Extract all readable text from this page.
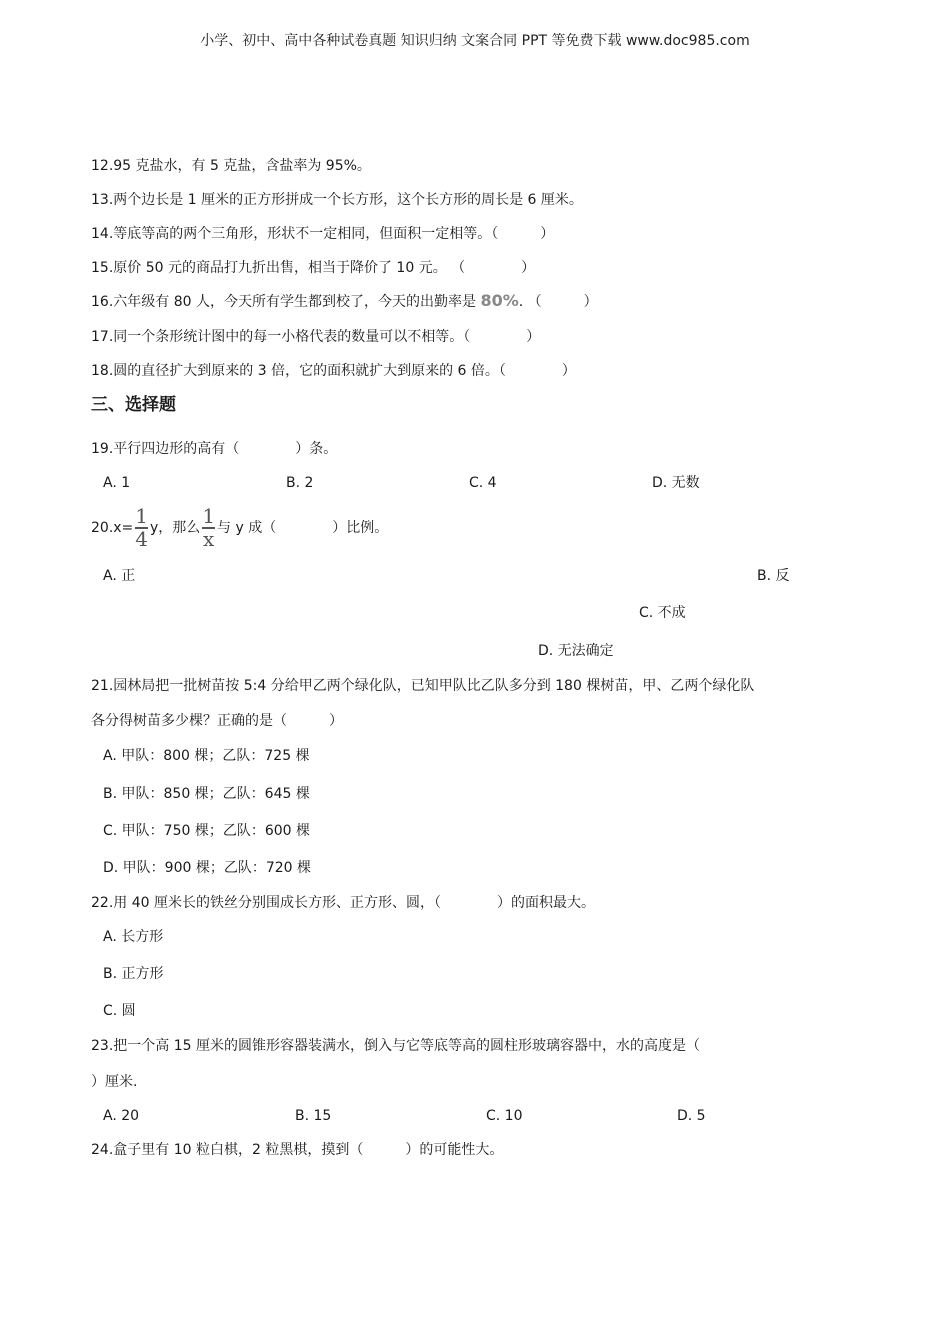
小学、初中、高中各种试卷真题 知识归纳 文案合同 PPT 等免费下载 www.doc985.com
12.95 克盐水，有 5 克盐，含盐率为 95%。
13.两个边长是 1 厘米的正方形拼成一个长方形，这个长方形的周长是 6 厘米。
14.等底等高的两个三角形，形状不一定相同，但面积一定相等。（　　　）
15.原价 50 元的商品打九折出售，相当于降价了 10 元。 （　　　　）
16.六年级有 80 人，今天所有学生都到校了，今天的出勤率是 80%. （　　　）
17.同一个条形统计图中的每一小格代表的数量可以不相等。（　　　　）
18.圆的直径扩大到原来的 3 倍，它的面积就扩大到原来的 6 倍。（　　　　）
三、选择题
19.平行四边形的高有（　　　　）条。
A. 1	B. 2	C. 4	D. 无数
$20.x= \frac{1}{4}$ y，那么 $\frac{1}{x}$ 与 y 成（　　　　）比例。
A. 正	B. 反
C. 不成
D. 无法确定
21.园林局把一批树苗按 5:4 分给甲乙两个绿化队，已知甲队比乙队多分到 180 棵树苗，甲、乙两个绿化队
各分得树苗多少棵？正确的是（　　　）
A. 甲队：800 棵；乙队：725 棵
B. 甲队：850 棵；乙队：645 棵
C. 甲队：750 棵；乙队：600 棵
D. 甲队：900 棵；乙队：720 棵
22.用 40 厘米长的铁丝分别围成长方形、正方形、圆，（　　　　）的面积最大。
A. 长方形
B. 正方形
C. 圆
23.把一个高 15 厘米的圆锥形容器装满水，倒入与它等底等高的圆柱形玻璃容器中，水的高度是（
）厘米.
A. 20	B. 15	C. 10	D. 5
24.盒子里有 10 粒白棋，2 粒黑棋，摸到（　　　）的可能性大。
